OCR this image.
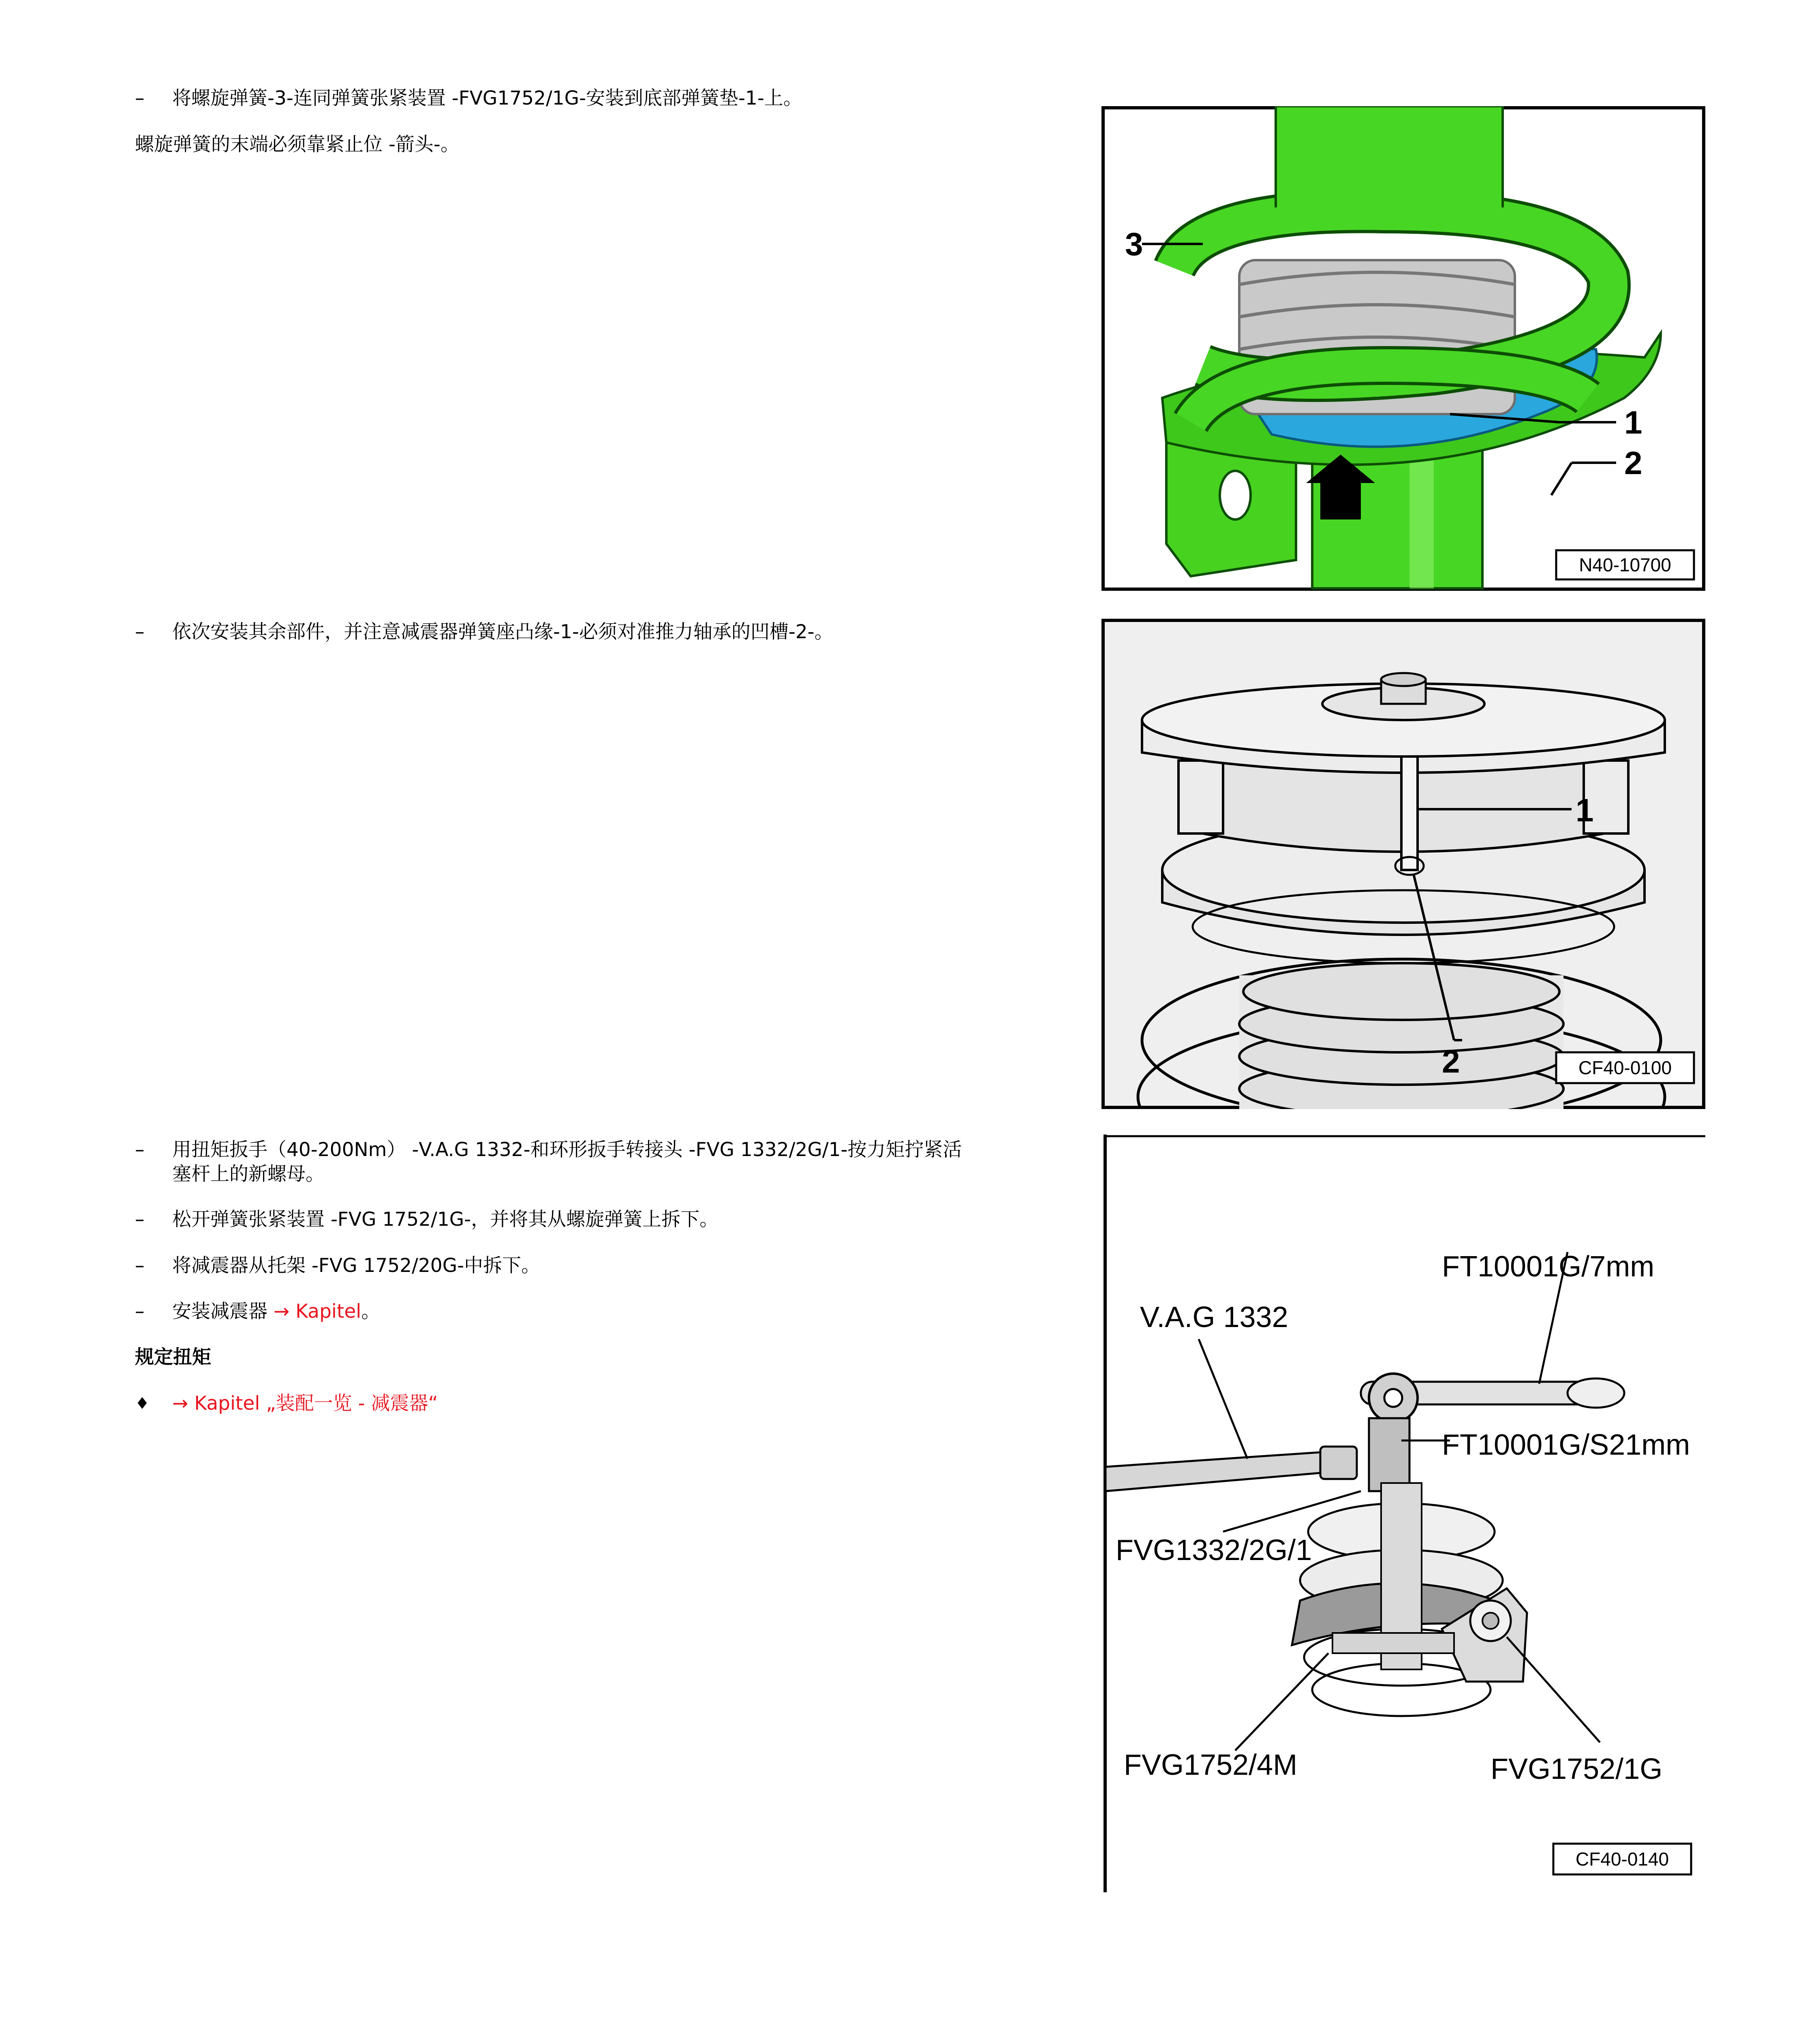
– 将螺旋弹簧-3-连同弹簧张紧装置 -FVG1752/1G-安装到底部弹簧垫-1-上。
螺旋弹簧的末端必须靠紧止位 -箭头-。
– 依次安装其余部件，并注意减震器弹簧座凸缘-1-必须对准推力轴承的凹槽-2-。
– 用扭矩扳手（40-200Nm） -V.A.G 1332-和环形扳手转接头 -FVG 1332/2G/1-按力矩拧紧活
塞杆上的新螺母。
– 松开弹簧张紧装置 -FVG 1752/1G-，并将其从螺旋弹簧上拆下。
– 将减震器从托架 -FVG 1752/20G-中拆下。
– 安装减震器 → Kapitel。
规定扭矩
♦ → Kapitel „装配一览 - 减震器“
3
1
2
N40-10700
1
2	CF40-0100
FT10001G/7mm
V.A.G 1332
FT10001G/S21mm
FVG1332/2G/1
FVG1752/4M	FVG1752/1G
CF40-0140
